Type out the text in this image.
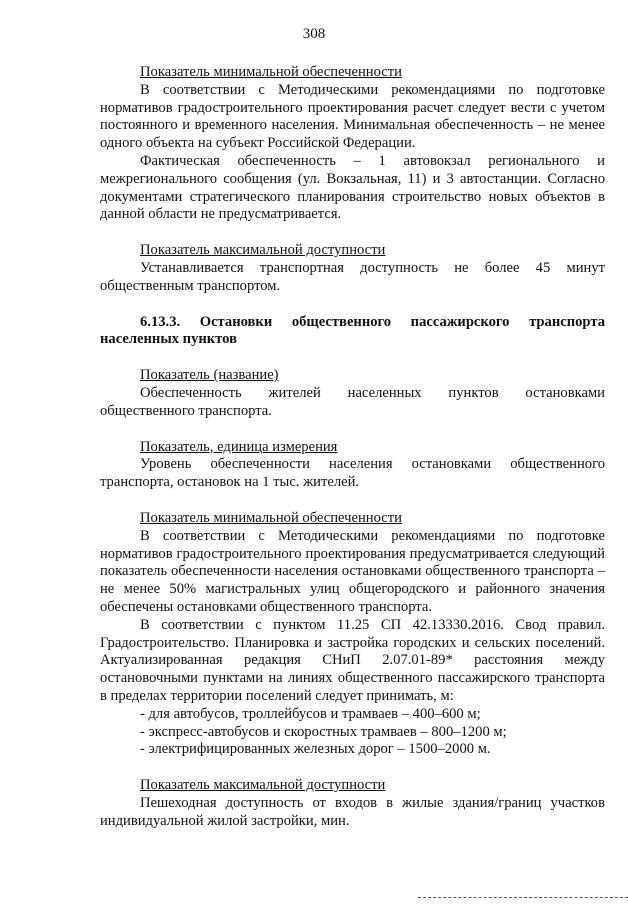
308
Показатель минимальной обеспеченности

В соответствии с Методическими рекомендациями по подготовке нормативов градостроительного проектирования расчет следует вести с учетом постоянного и временного населения. Минимальная обеспеченность – не менее одного объекта на субъект Российской Федерации.

Фактическая обеспеченность – 1 автовокзал регионального и межрегионального сообщения (ул. Вокзальная, 11) и 3 автостанции. Согласно документами стратегического планирования строительство новых объектов в данной области не предусматривается.

Показатель максимальной доступности

Устанавливается транспортная доступность не более 45 минут общественным транспортом.

6.13.3. Остановки общественного пассажирского транспорта населенных пунктов

Показатель (название)

Обеспеченность жителей населенных пунктов остановками общественного транспорта.

Показатель, единица измерения

Уровень обеспеченности населения остановками общественного транспорта, остановок на 1 тыс. жителей.

Показатель минимальной обеспеченности

В соответствии с Методическими рекомендациями по подготовке нормативов градостроительного проектирования предусматривается следующий показатель обеспеченности населения остановками общественного транспорта – не менее 50% магистральных улиц общегородского и районного значения обеспечены остановками общественного транспорта.

В соответствии с пунктом 11.25 СП 42.13330.2016. Свод правил. Градостроительство. Планировка и застройка городских и сельских поселений. Актуализированная редакция СНиП 2.07.01-89* расстояния между остановочными пунктами на линиях общественного пассажирского транспорта в пределах территории поселений следует принимать, м:

- для автобусов, троллейбусов и трамваев – 400–600 м;

- экспресс-автобусов и скоростных трамваев – 800–1200 м;

- электрифицированных железных дорог – 1500–2000 м.

Показатель максимальной доступности

Пешеходная доступность от входов в жилые здания/границ участков индивидуальной жилой застройки, мин.
